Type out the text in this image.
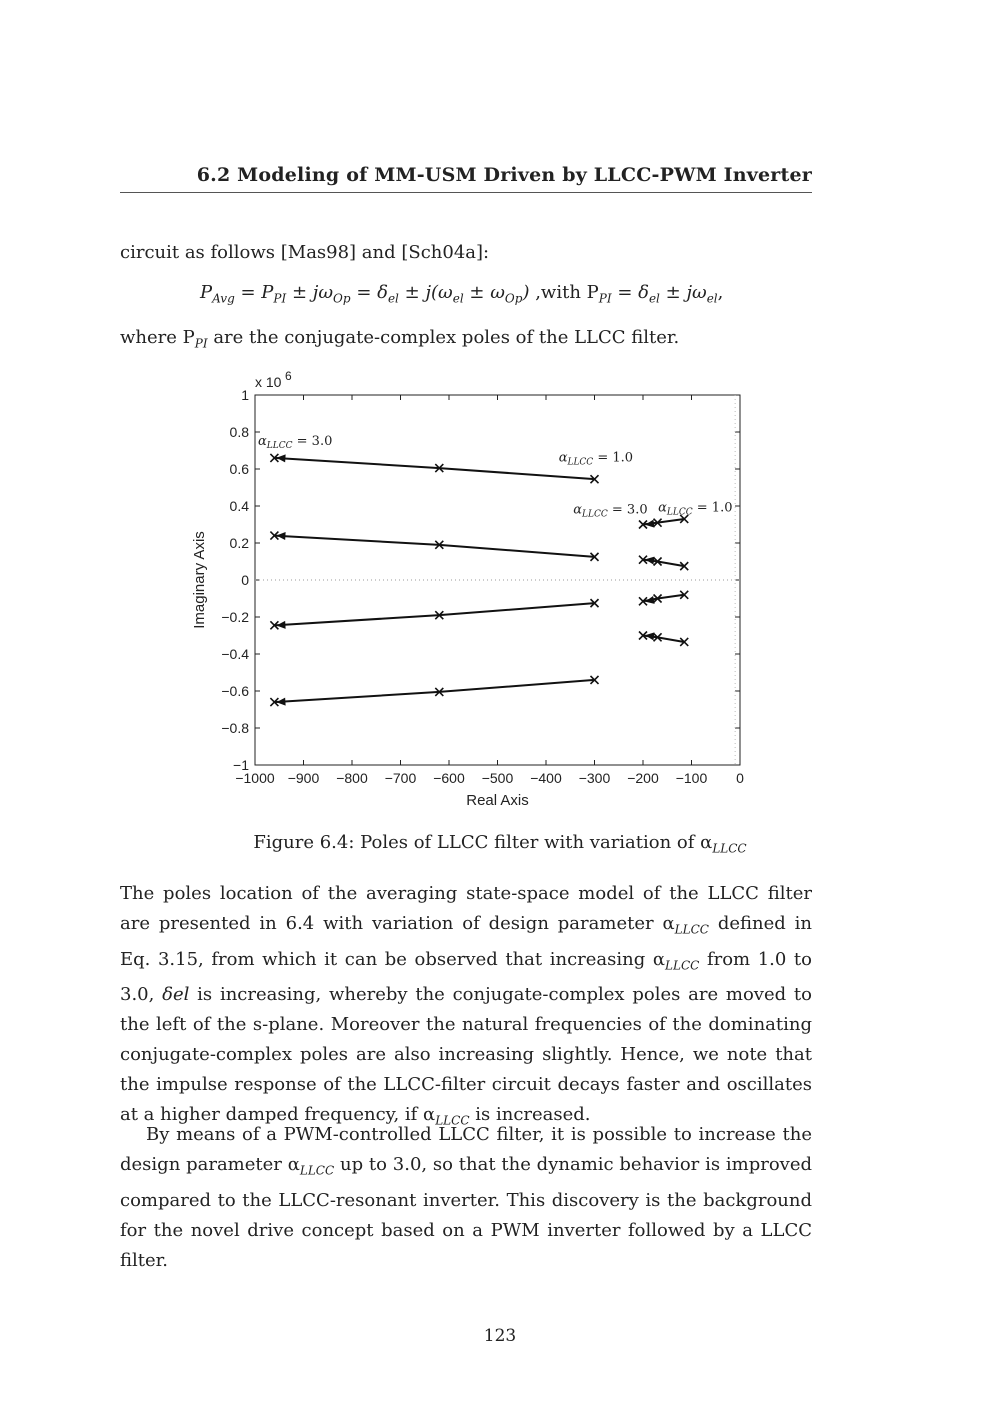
6.2 Modeling of MM-USM Driven by LLCC-PWM Inverter
circuit as follows [Mas98] and [Sch04a]:
$P_{Avg} = P_{PI} \pm j\omega_{Op} = \delta_{el} \pm j(\omega_{el} \pm \omega_{Op})$ ,with $P_{PI} = \delta_{el} \pm j\omega_{el}$,
where $P_{PI}$ are the conjugate-complex poles of the LLCC filter.
−1000 −900 −800 −700 −600 −500 −400 −300 −200 −100 0
1
0.8
0.6
0.4
0.2
0
−0.2
−0.4
−0.6
−0.8
−1
x 10 6
Real Axis
Imaginary Axis
$\alpha_{LLCC} = 3.0$
$\alpha_{LLCC} = 1.0$
$\alpha_{LLCC} = 3.0$ $\alpha_{LLCC} = 1.0$
Figure 6.4: Poles of LLCC filter with variation of $\alpha_{LLCC}$
The poles location of the averaging state-space model of the LLCC filter are presented in 6.4 with variation of design parameter $\alpha_{LLCC}$ defined in Eq. 3.15, from which it can be observed that increasing $\alpha_{LLCC}$ from 1.0 to 3.0, δel is increasing, whereby the conjugate-complex poles are moved to the left of the s-plane. Moreover the natural frequencies of the dominating conjugate-complex poles are also increasing slightly. Hence, we note that the impulse response of the LLCC-filter circuit decays faster and oscillates at a higher damped frequency, if $\alpha_{LLCC}$ is increased.
By means of a PWM-controlled LLCC filter, it is possible to increase the design parameter $\alpha_{LLCC}$ up to 3.0, so that the dynamic behavior is improved compared to the LLCC-resonant inverter. This discovery is the background for the novel drive concept based on a PWM inverter followed by a LLCC filter.
123
